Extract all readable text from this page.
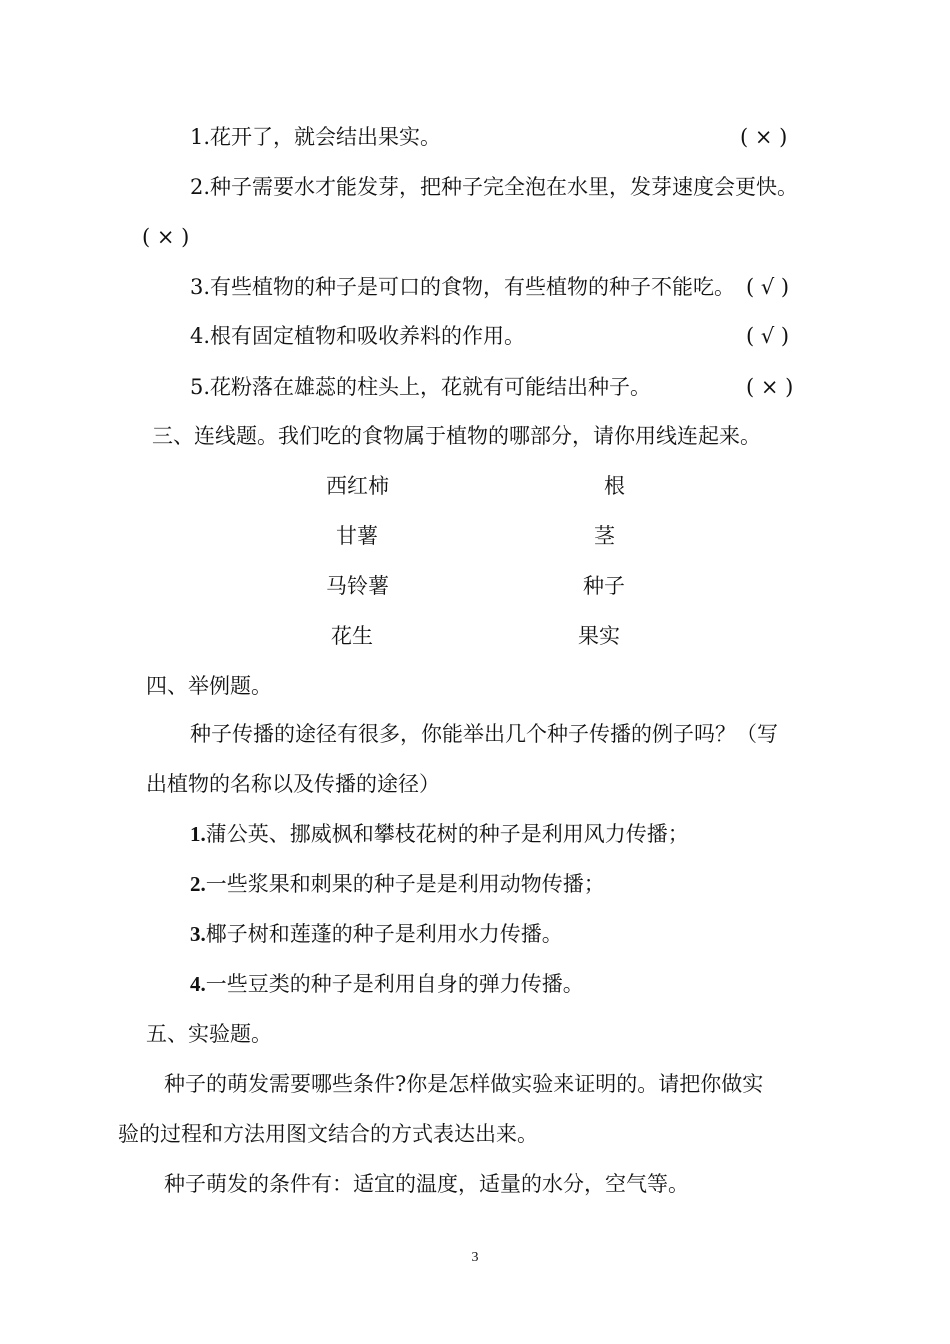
1.花开了，就会结出果实。	( × )
2.种子需要水才能发芽，把种子完全泡在水里，发芽速度会更快。
( × )
3.有些植物的种子是可口的食物，有些植物的种子不能吃。 ( √ )
4.根有固定植物和吸收养料的作用。	( √ )
5.花粉落在雄蕊的柱头上，花就有可能结出种子。	( × )
三、连线题。我们吃的食物属于植物的哪部分，请你用线连起来。
西红柿	根
甘薯	茎
马铃薯	种子
花生	果实
四、举例题。
种子传播的途径有很多，你能举出几个种子传播的例子吗？（写
出植物的名称以及传播的途径）
1.蒲公英、挪威枫和攀枝花树的种子是利用风力传播；
2.一些浆果和刺果的种子是是利用动物传播；
3.椰子树和莲蓬的种子是利用水力传播。
4.一些豆类的种子是利用自身的弹力传播。
五、实验题。
种子的萌发需要哪些条件?你是怎样做实验来证明的。请把你做实
验的过程和方法用图文结合的方式表达出来。
种子萌发的条件有：适宜的温度，适量的水分，空气等。
3
